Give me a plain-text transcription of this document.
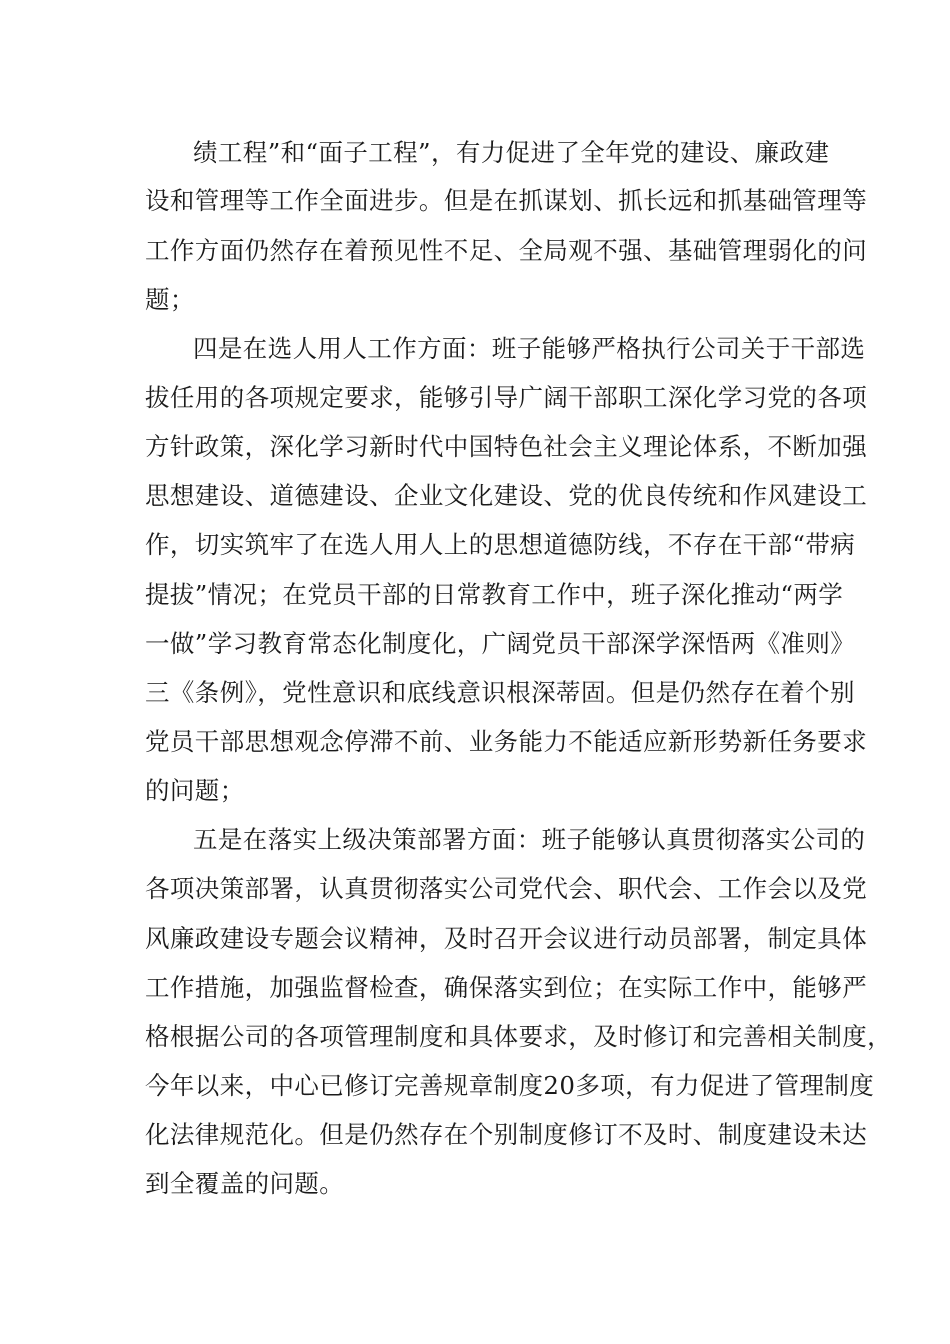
绩工程”和“面子工程”，有力促进了全年党的建设、廉政建
设和管理等工作全面进步。但是在抓谋划、抓长远和抓基础管理等
工作方面仍然存在着预见性不足、全局观不强、基础管理弱化的问
题；
四是在选人用人工作方面：班子能够严格执行公司关于干部选
拔任用的各项规定要求，能够引导广阔干部职工深化学习党的各项
方针政策，深化学习新时代中国特色社会主义理论体系，不断加强
思想建设、道德建设、企业文化建设、党的优良传统和作风建设工
作，切实筑牢了在选人用人上的思想道德防线，不存在干部“带病
提拔”情况；在党员干部的日常教育工作中，班子深化推动“两学
一做”学习教育常态化制度化，广阔党员干部深学深悟两《准则》
三《条例》，党性意识和底线意识根深蒂固。但是仍然存在着个别
党员干部思想观念停滞不前、业务能力不能适应新形势新任务要求
的问题；
五是在落实上级决策部署方面：班子能够认真贯彻落实公司的
各项决策部署，认真贯彻落实公司党代会、职代会、工作会以及党
风廉政建设专题会议精神，及时召开会议进行动员部署，制定具体
工作措施，加强监督检查，确保落实到位；在实际工作中，能够严
格根据公司的各项管理制度和具体要求，及时修订和完善相关制度，
今年以来，中心已修订完善规章制度20多项，有力促进了管理制度
化法律规范化。但是仍然存在个别制度修订不及时、制度建设未达
到全覆盖的问题。
